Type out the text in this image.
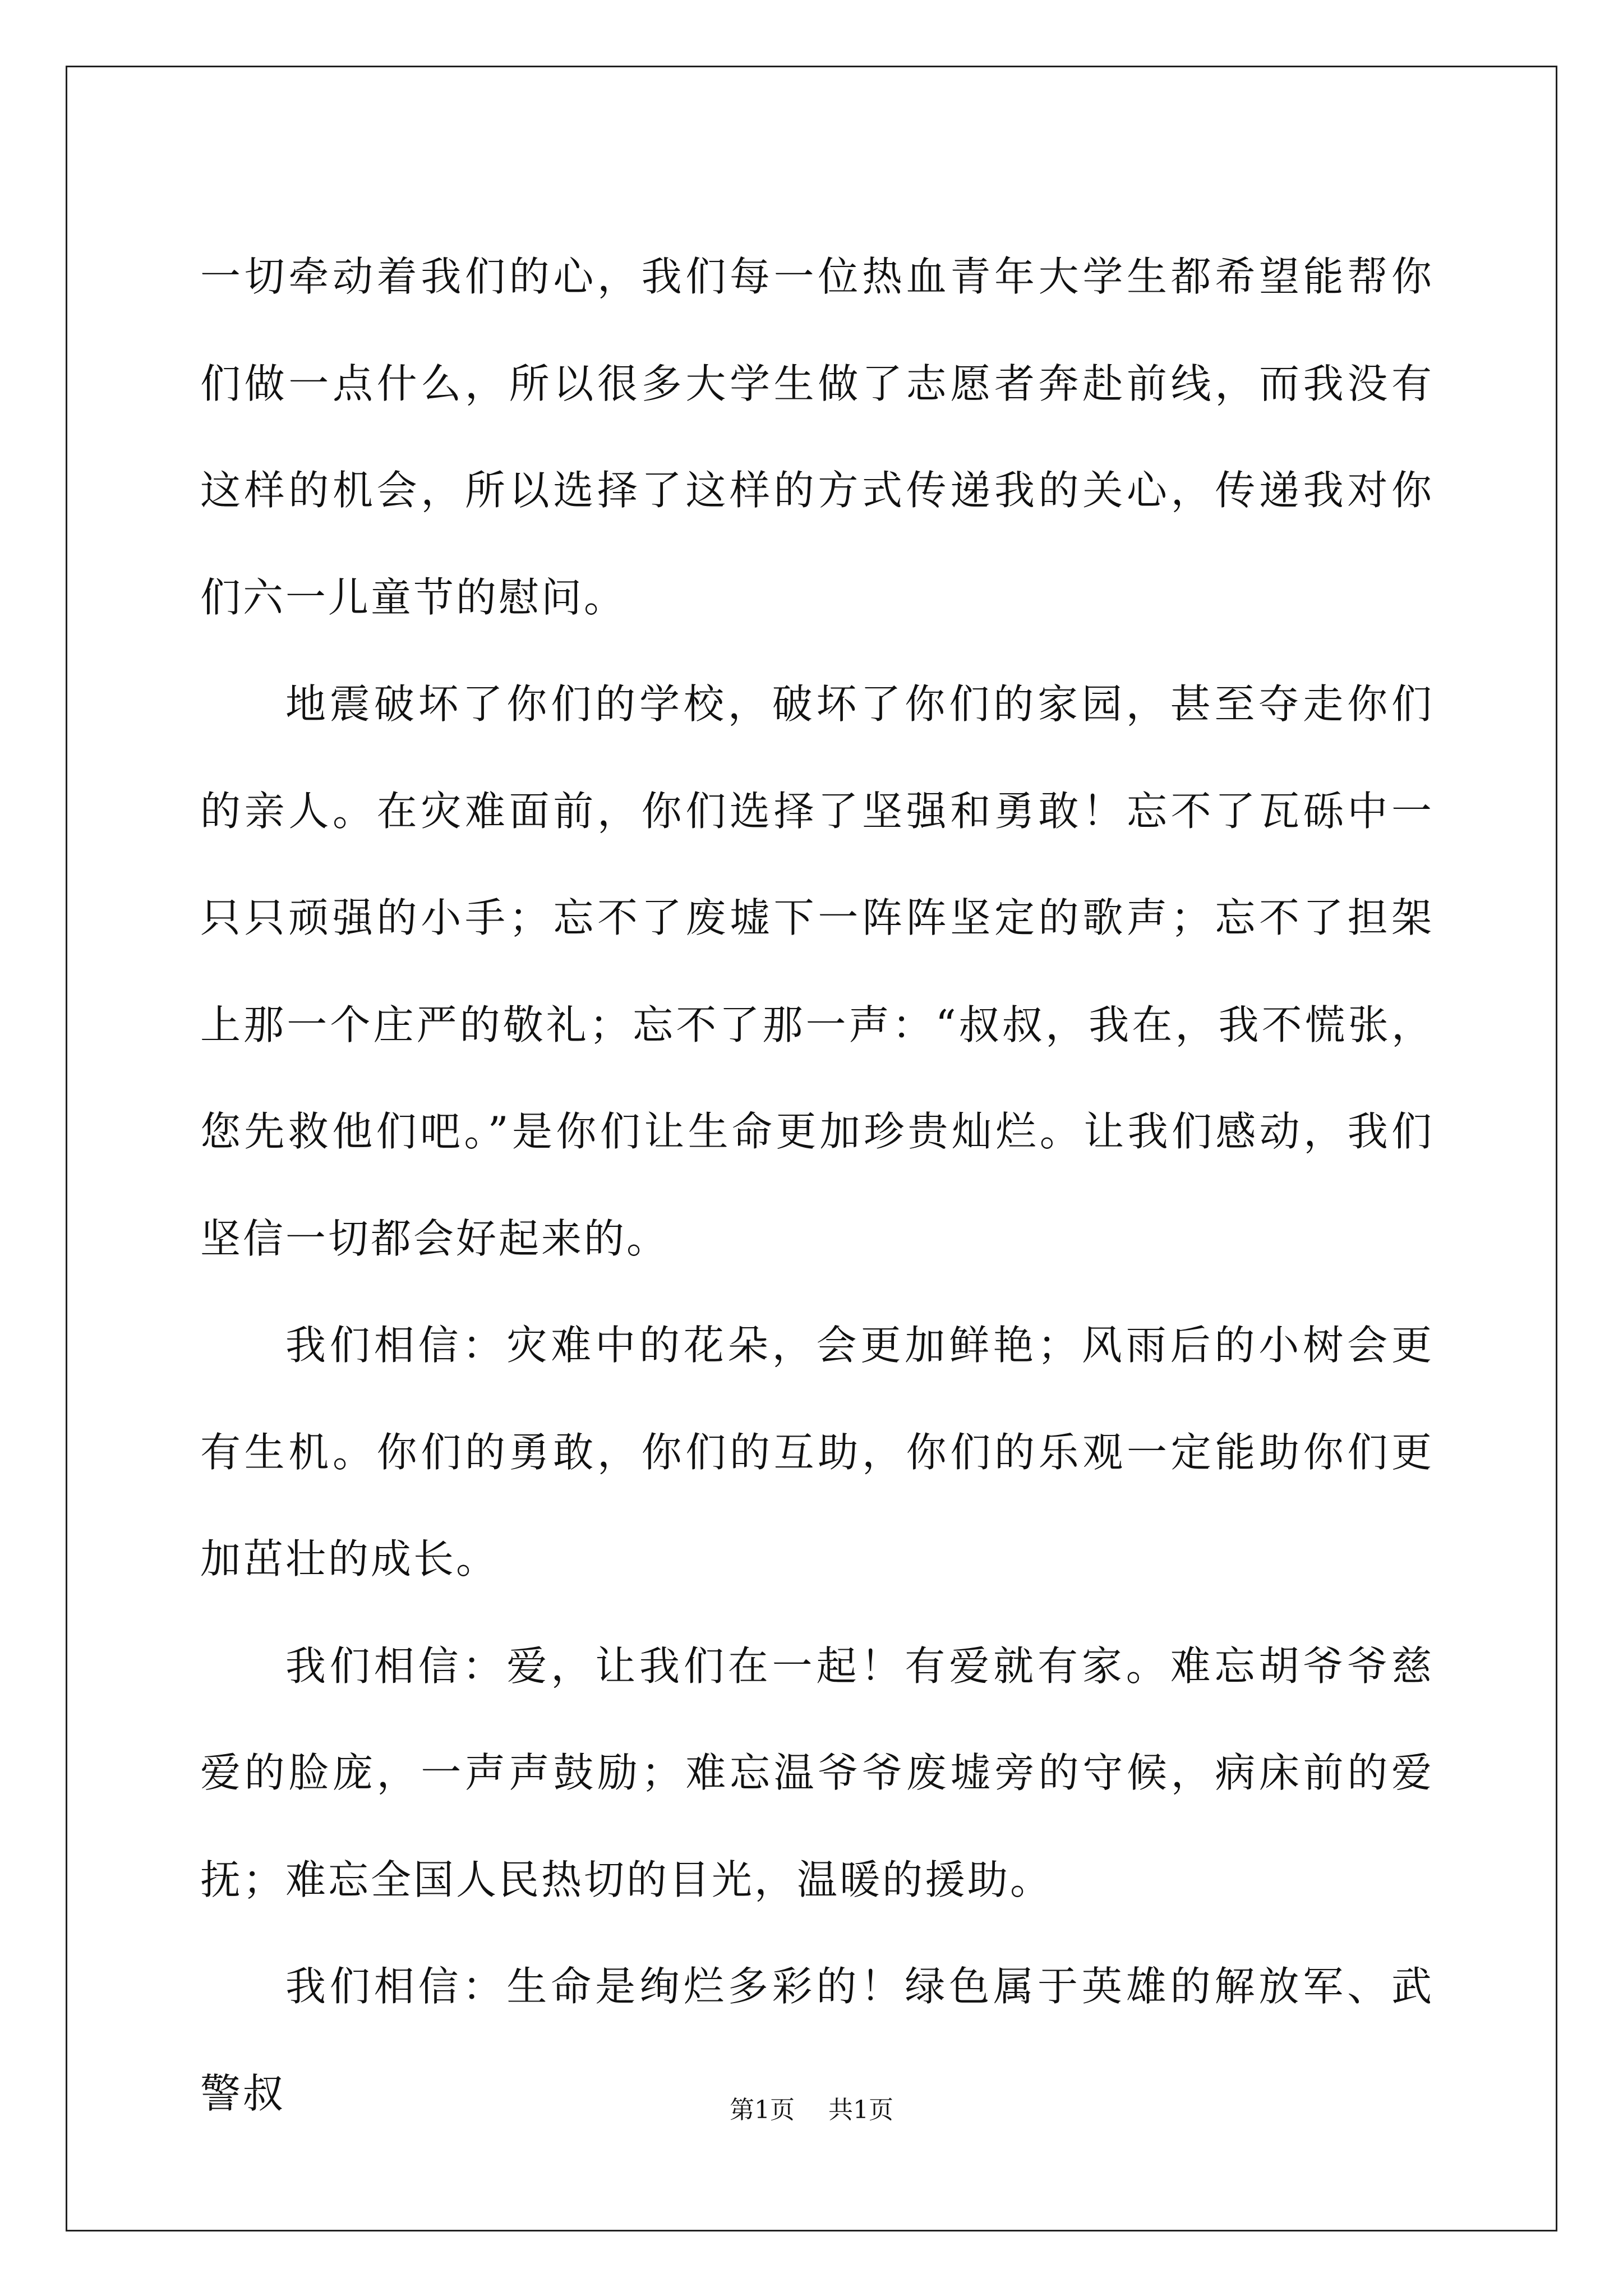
一切牵动着我们的心，我们每一位热血青年大学生都希望能帮你们做一点什么，所以很多大学生做了志愿者奔赴前线，而我没有这样的机会，所以选择了这样的方式传递我的关心，传递我对你们六一儿童节的慰问。

地震破坏了你们的学校，破坏了你们的家园，甚至夺走你们的亲人。在灾难面前，你们选择了坚强和勇敢！忘不了瓦砾中一只只顽强的小手；忘不了废墟下一阵阵坚定的歌声；忘不了担架上那一个庄严的敬礼；忘不了那一声：“叔叔，我在，我不慌张，您先救他们吧。”是你们让生命更加珍贵灿烂。让我们感动，我们坚信一切都会好起来的。

我们相信：灾难中的花朵，会更加鲜艳；风雨后的小树会更有生机。你们的勇敢，你们的互助，你们的乐观一定能助你们更加茁壮的成长。

我们相信：爱，让我们在一起！有爱就有家。难忘胡爷爷慈爱的脸庞，一声声鼓励；难忘温爷爷废墟旁的守候，病床前的爱抚；难忘全国人民热切的目光，温暖的援助。

我们相信：生命是绚烂多彩的！绿色属于英雄的解放军、武警叔	第1页 共1页
